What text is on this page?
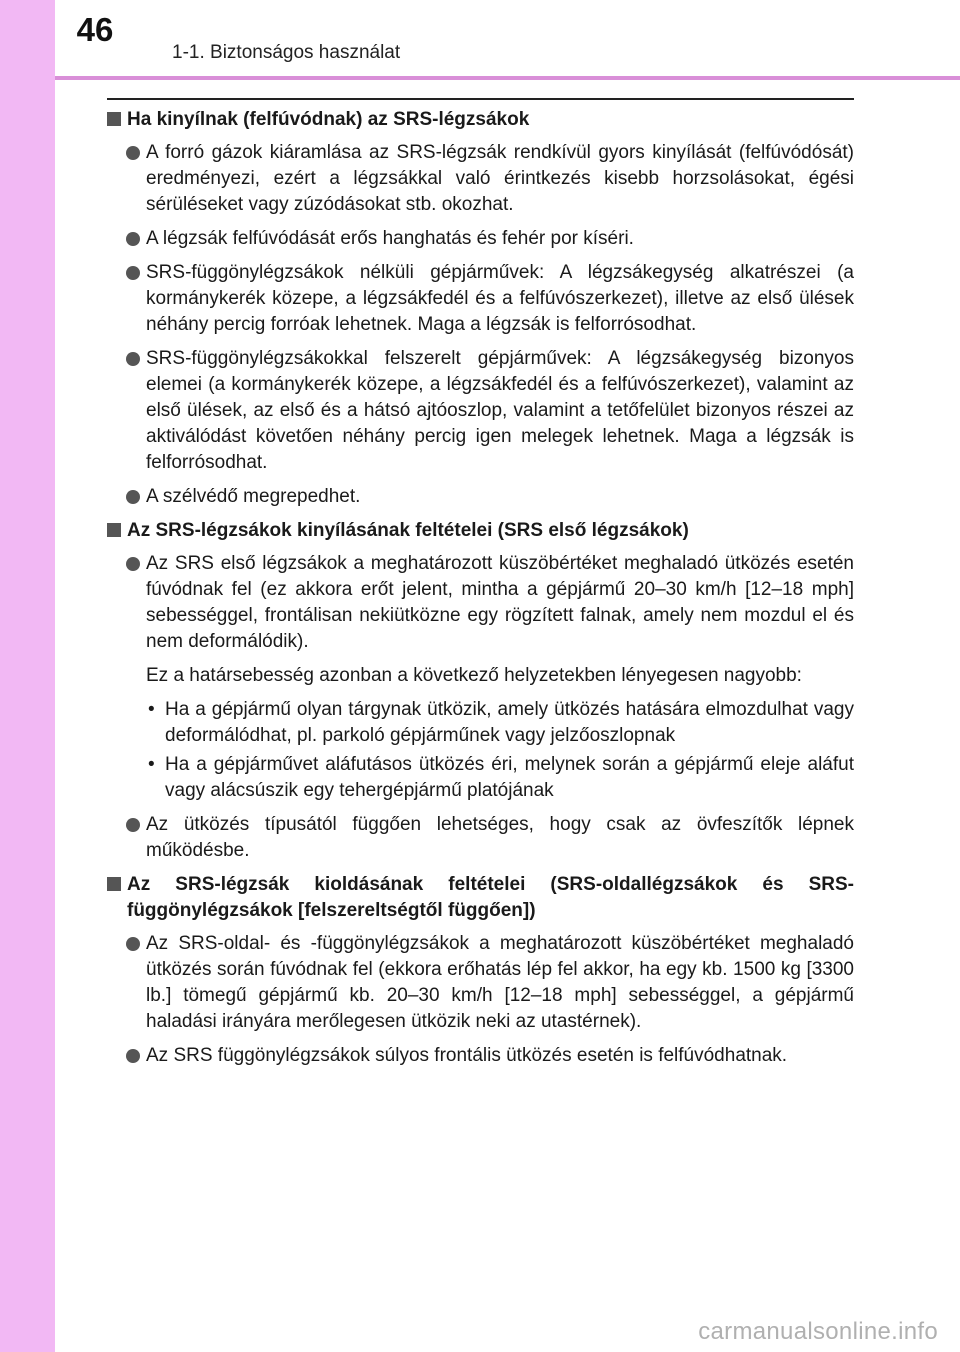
46
1-1. Biztonságos használat
Ha kinyílnak (felfúvódnak) az SRS-légzsákok
A forró gázok kiáramlása az SRS-légzsák rendkívül gyors kinyílását (felfúvódósát) eredményezi, ezért a légzsákkal való érintkezés kisebb horzsolásokat, égési sérüléseket vagy zúzódásokat stb. okozhat.
A légzsák felfúvódását erős hanghatás és fehér por kíséri.
SRS-függönylégzsákok nélküli gépjárművek: A légzsákegység alkatrészei (a kormánykerék közepe, a légzsákfedél és a felfúvószerkezet), illetve az első ülések néhány percig forróak lehetnek. Maga a légzsák is felforrósodhat.
SRS-függönylégzsákokkal felszerelt gépjárművek: A légzsákegység bizonyos elemei (a kormánykerék közepe, a légzsákfedél és a felfúvószerkezet), valamint az első ülések, az első és a hátsó ajtóoszlop, valamint a tetőfelület bizonyos részei az aktiválódást követően néhány percig igen melegek lehetnek. Maga a légzsák is felforrósodhat.
A szélvédő megrepedhet.
Az SRS-légzsákok kinyílásának feltételei (SRS első légzsákok)
Az SRS első légzsákok a meghatározott küszöbértéket meghaladó ütközés esetén fúvódnak fel (ez akkora erőt jelent, mintha a gépjármű 20–30 km/h [12–18 mph] sebességgel, frontálisan nekiütközne egy rögzített falnak, amely nem mozdul el és nem deformálódik).
Ez a határsebesség azonban a következő helyzetekben lényegesen nagyobb:
• Ha a gépjármű olyan tárgynak ütközik, amely ütközés hatására elmozdulhat vagy deformálódhat, pl. parkoló gépjárműnek vagy jelzőoszlopnak
• Ha a gépjárművet aláfutásos ütközés éri, melynek során a gépjármű eleje aláfut vagy alácsúszik egy tehergépjármű platójának
Az ütközés típusától függően lehetséges, hogy csak az övfeszítők lépnek működésbe.
Az SRS-légzsák kioldásának feltételei (SRS-oldallégzsákok és SRS-függönylégzsákok [felszereltségtől függően])
Az SRS-oldal- és -függönylégzsákok a meghatározott küszöbértéket meghaladó ütközés során fúvódnak fel (ekkora erőhatás lép fel akkor, ha egy kb. 1500 kg [3300 lb.] tömegű gépjármű kb. 20–30 km/h [12–18 mph] sebességgel, a gépjármű haladási irányára merőlegesen ütközik neki az utastérnek).
Az SRS függönylégzsákok súlyos frontális ütközés esetén is felfúvódhatnak.
carmanualsonline.info
